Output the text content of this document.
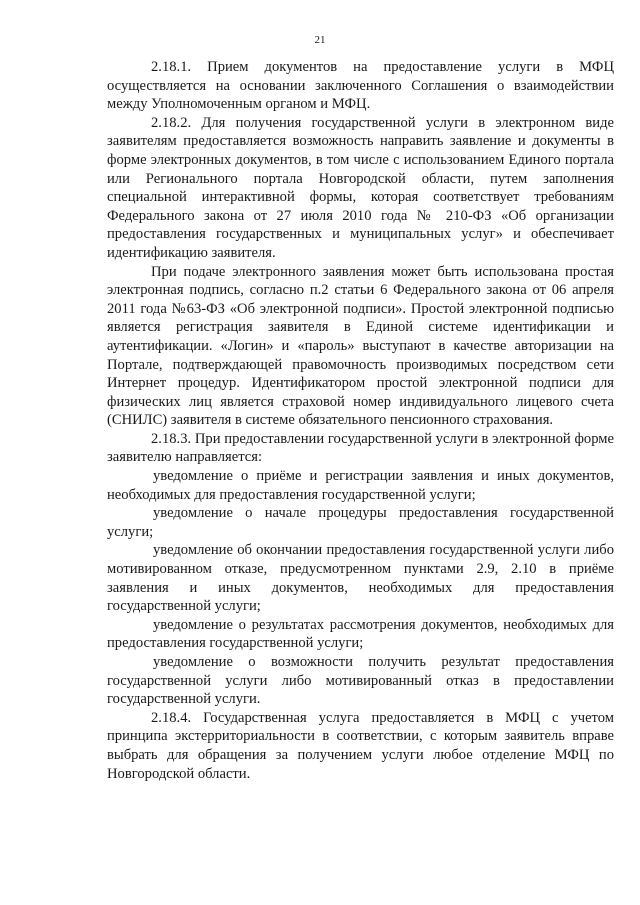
21

2.18.1. Прием документов на предоставление услуги в МФЦ осуществляется на основании заключенного Соглашения о взаимодействии между Уполномоченным органом и МФЦ.

2.18.2. Для получения государственной услуги в электронном виде заявителям предоставляется возможность направить заявление и документы в форме электронных документов, в том числе с использованием Единого портала или Регионального портала Новгородской области, путем заполнения специальной интерактивной формы, которая соответствует требованиям Федерального закона от 27 июля 2010 года № 210-ФЗ «Об организации предоставления государственных и муниципальных услуг» и обеспечивает идентификацию заявителя.

При подаче электронного заявления может быть использована простая электронная подпись, согласно п.2 статьи 6 Федерального закона от 06 апреля 2011 года №63-ФЗ «Об электронной подписи». Простой электронной подписью является регистрация заявителя в Единой системе идентификации и аутентификации. «Логин» и «пароль» выступают в качестве авторизации на Портале, подтверждающей правомочность производимых посредством сети Интернет процедур. Идентификатором простой электронной подписи для физических лиц является страховой номер индивидуального лицевого счета (СНИЛС) заявителя в системе обязательного пенсионного страхования.

2.18.3. При предоставлении государственной услуги в электронной форме заявителю направляется:

уведомление о приёме и регистрации заявления и иных документов, необходимых для предоставления государственной услуги;

уведомление о начале процедуры предоставления государственной услуги;

уведомление об окончании предоставления государственной услуги либо мотивированном отказе, предусмотренном пунктами 2.9, 2.10 в приёме заявления и иных документов, необходимых для предоставления государственной услуги;

уведомление о результатах рассмотрения документов, необходимых для предоставления государственной услуги;

уведомление о возможности получить результат предоставления государственной услуги либо мотивированный отказ в предоставлении государственной услуги.

2.18.4. Государственная услуга предоставляется в МФЦ с учетом принципа экстерриториальности в соответствии, с которым заявитель вправе выбрать для обращения за получением услуги любое отделение МФЦ по Новгородской области.
